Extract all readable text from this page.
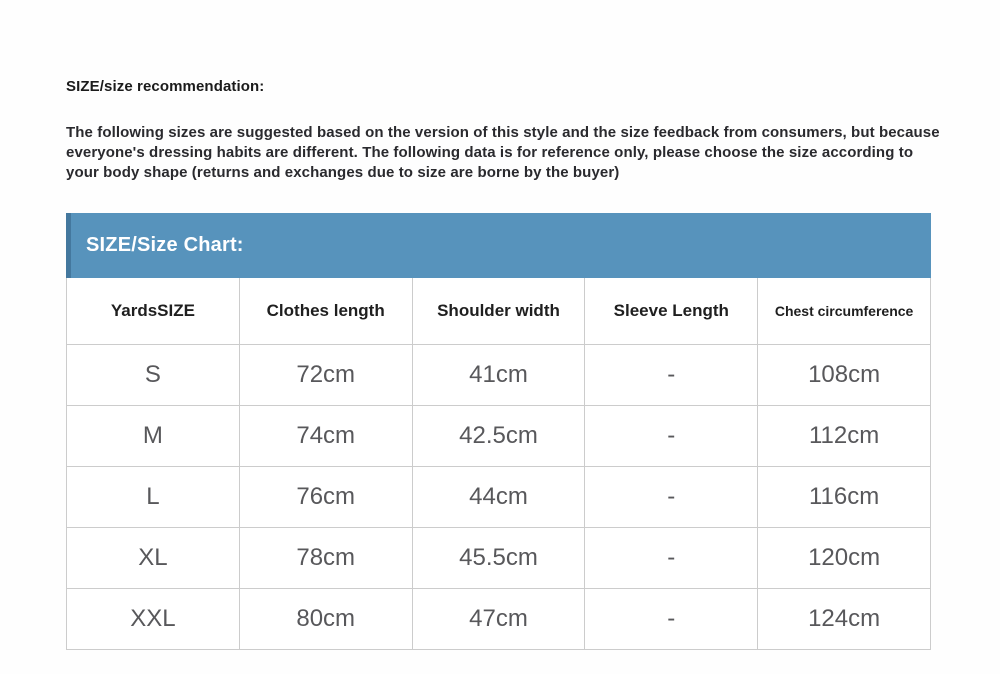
SIZE/size recommendation:
The following sizes are suggested based on the version of this style and the size feedback from consumers, but because everyone's dressing habits are different. The following data is for reference only, please choose the size according to your body shape (returns and exchanges due to size are borne by the buyer)
SIZE/Size Chart:
YardsSIZE	Clothes length	Shoulder width	Sleeve Length	Chest circumference
S	72cm	41cm	-	108cm
M	74cm	42.5cm	-	112cm
L	76cm	44cm	-	116cm
XL	78cm	45.5cm	-	120cm
XXL	80cm	47cm	-	124cm
